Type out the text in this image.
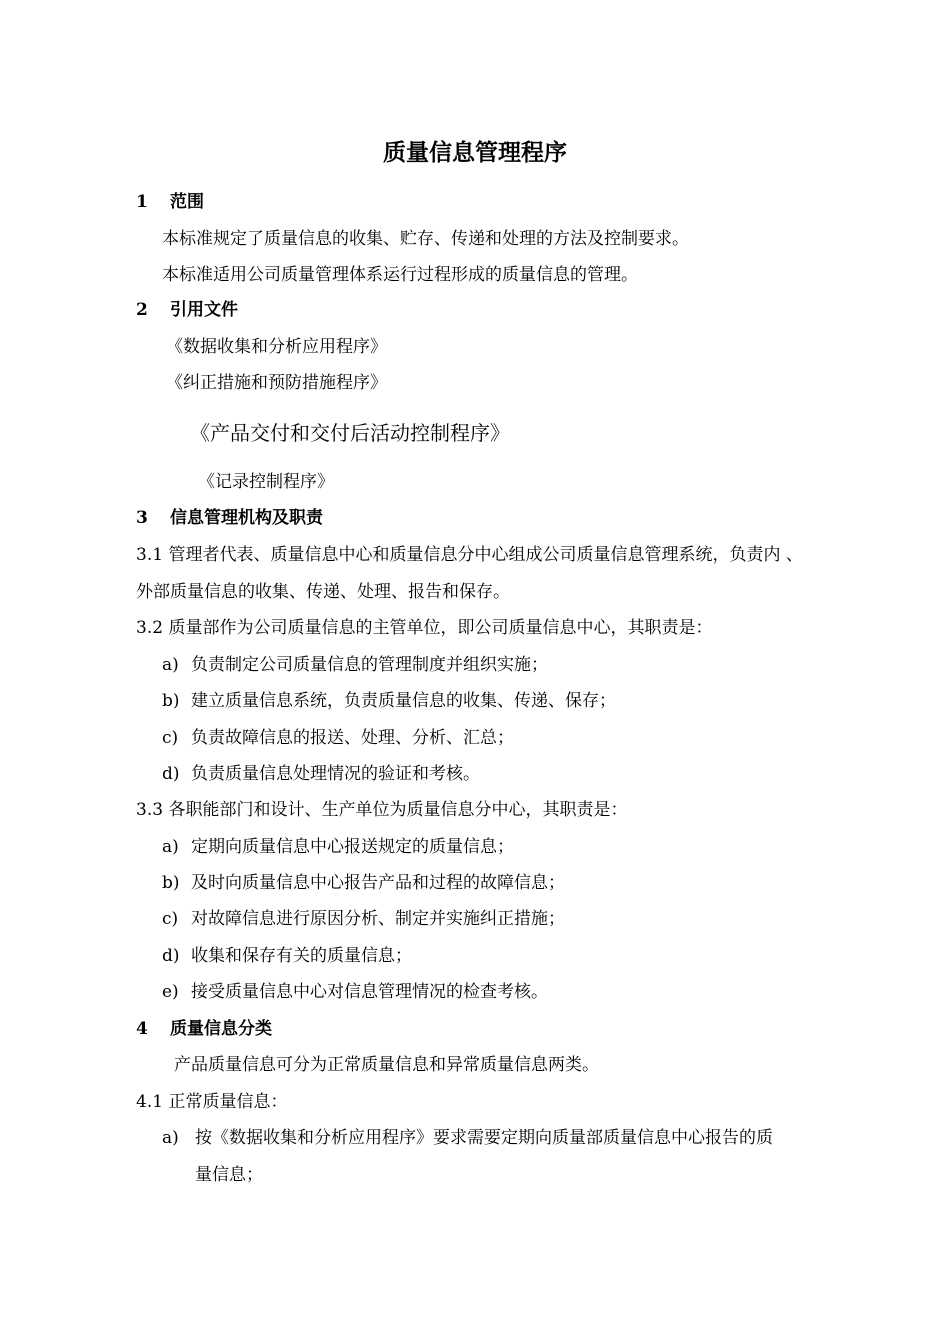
质量信息管理程序
1 范围
本标准规定了质量信息的收集、贮存、传递和处理的方法及控制要求。
本标准适用公司质量管理体系运行过程形成的质量信息的管理。
2 引用文件
《数据收集和分析应用程序》
《纠正措施和预防措施程序》
《产品交付和交付后活动控制程序》
《记录控制程序》
3 信息管理机构及职责
3.1 管理者代表、质量信息中心和质量信息分中心组成公司质量信息管理系统，负责内 、
外部质量信息的收集、传递、处理、报告和保存。
3.2 质量部作为公司质量信息的主管单位，即公司质量信息中心，其职责是：
a) 负责制定公司质量信息的管理制度并组织实施；
b) 建立质量信息系统，负责质量信息的收集、传递、保存；
c) 负责故障信息的报送、处理、分析、汇总；
d) 负责质量信息处理情况的验证和考核。
3.3 各职能部门和设计、生产单位为质量信息分中心，其职责是：
a) 定期向质量信息中心报送规定的质量信息；
b) 及时向质量信息中心报告产品和过程的故障信息；
c) 对故障信息进行原因分析、制定并实施纠正措施；
d) 收集和保存有关的质量信息；
e) 接受质量信息中心对信息管理情况的检查考核。
4 质量信息分类
产品质量信息可分为正常质量信息和异常质量信息两类。
4.1 正常质量信息：
a) 按《数据收集和分析应用程序》要求需要定期向质量部质量信息中心报告的质
量信息；
